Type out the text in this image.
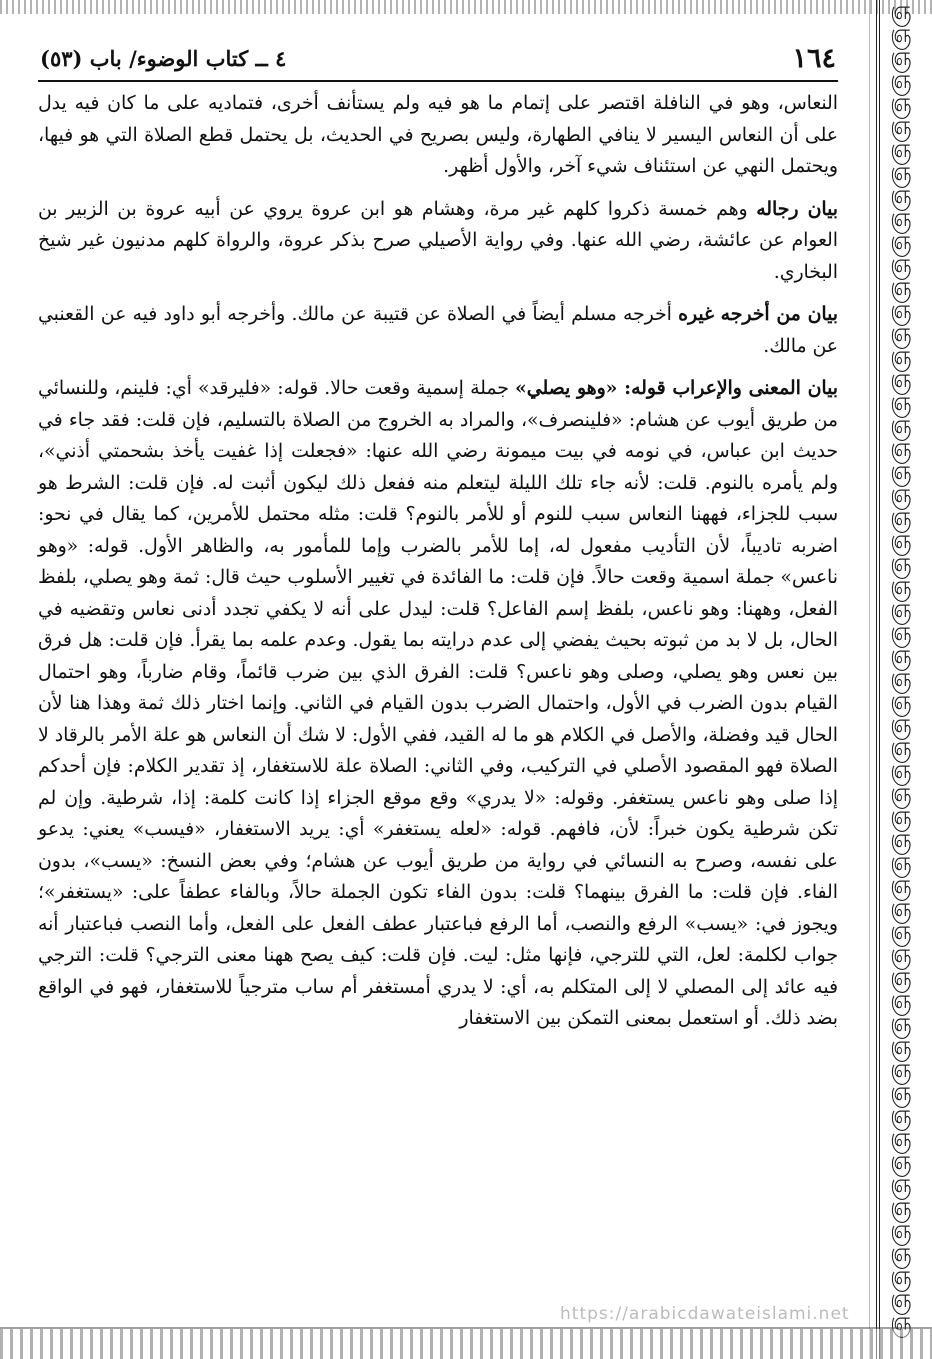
ஞ
ஞ
ஞ
ஞ
ஞ
ஞ
ஞ
ஞ
ஞ
ஞ
ஞ
ஞ
ஞ
ஞ
ஞ
ஞ
ஞ
ஞ
ஞ
ஞ
ஞ
ஞ
ஞ
ஞ
ஞ
ஞ
ஞ
ஞ
ஞ
ஞ
ஞ
ஞ
ஞ
ஞ
ஞ
ஞ
ஞ
ஞ
ஞ
ஞ
ஞ
ஞ
ஞ
ஞ
ஞ
ஞ
ஞ
ஞ
ஞ
ஞ
ஞ
ஞ
ஞ
ஞ
ஞ
ஞ
ஞ
ஞ
١٦٤
٤ ــ كتاب الوضوء/ باب (٥٣)

النعاس، وهو في النافلة اقتصر على إتمام ما هو فيه ولم يستأنف أخرى، فتماديه على ما كان فيه يدل على أن النعاس اليسير لا ينافي الطهارة، وليس بصريح في الحديث، بل يحتمل قطع الصلاة التي هو فيها، ويحتمل النهي عن استئناف شيء آخر، والأول أظهر.

بيان رجاله وهم خمسة ذكروا كلهم غير مرة، وهشام هو ابن عروة يروي عن أبيه عروة بن الزبير بن العوام عن عائشة، رضي الله عنها. وفي رواية الأصيلي صرح بذكر عروة، والرواة كلهم مدنيون غير شيخ البخاري.

بيان من أخرجه غيره أخرجه مسلم أيضاً في الصلاة عن قتيبة عن مالك. وأخرجه أبو داود فيه عن القعنبي عن مالك.

بيان المعنى والإعراب قوله: «وهو يصلي» جملة إسمية وقعت حالا. قوله: «فليرقد» أي: فلينم، وللنسائي من طريق أيوب عن هشام: «فلينصرف»، والمراد به الخروج من الصلاة بالتسليم، فإن قلت: فقد جاء في حديث ابن عباس، في نومه في بيت ميمونة رضي الله عنها: «فجعلت إذا غفيت يأخذ بشحمتي أذني»، ولم يأمره بالنوم. قلت: لأنه جاء تلك الليلة ليتعلم منه ففعل ذلك ليكون أثبت له. فإن قلت: الشرط هو سبب للجزاء، فههنا النعاس سبب للنوم أو للأمر بالنوم؟ قلت: مثله محتمل للأمرين، كما يقال في نحو: اضربه تاديباً، لأن التأديب مفعول له، إما للأمر بالضرب وإما للمأمور به، والظاهر الأول. قوله: «وهو ناعس» جملة اسمية وقعت حالاً. فإن قلت: ما الفائدة في تغيير الأسلوب حيث قال: ثمة وهو يصلي، بلفظ الفعل، وههنا: وهو ناعس، بلفظ إسم الفاعل؟ قلت: ليدل على أنه لا يكفي تجدد أدنى نعاس وتقضيه في الحال، بل لا بد من ثبوته بحيث يفضي إلى عدم درايته بما يقول. وعدم علمه بما يقرأ. فإن قلت: هل فرق بين نعس وهو يصلي، وصلى وهو ناعس؟ قلت: الفرق الذي بين ضرب قائماً، وقام ضارباً، وهو احتمال القيام بدون الضرب في الأول، واحتمال الضرب بدون القيام في الثاني. وإنما اختار ذلك ثمة وهذا هنا لأن الحال قيد وفضلة، والأصل في الكلام هو ما له القيد، ففي الأول: لا شك أن النعاس هو علة الأمر بالرقاد لا الصلاة فهو المقصود الأصلي في التركيب، وفي الثاني: الصلاة علة للاستغفار، إذ تقدير الكلام: فإن أحدكم إذا صلى وهو ناعس يستغفر. وقوله: «لا يدري» وقع موقع الجزاء إذا كانت كلمة: إذا، شرطية. وإن لم تكن شرطية يكون خبراً: لأن، فافهم. قوله: «لعله يستغفر» أي: يريد الاستغفار، «فيسب» يعني: يدعو على نفسه، وصرح به النسائي في رواية من طريق أيوب عن هشام؛ وفي بعض النسخ: «يسب»، بدون الفاء. فإن قلت: ما الفرق بينهما؟ قلت: بدون الفاء تكون الجملة حالاً، وبالفاء عطفاً على: «يستغفر»؛ ويجوز في: «يسب» الرفع والنصب، أما الرفع فباعتبار عطف الفعل على الفعل، وأما النصب فباعتبار أنه جواب لكلمة: لعل، التي للترجي، فإنها مثل: ليت. فإن قلت: كيف يصح ههنا معنى الترجي؟ قلت: الترجي فيه عائد إلى المصلي لا إلى المتكلم به، أي: لا يدري أمستغفر أم ساب مترجياً للاستغفار، فهو في الواقع بضد ذلك. أو استعمل بمعنى التمكن بين الاستغفار

https://arabicdawateislami.net
